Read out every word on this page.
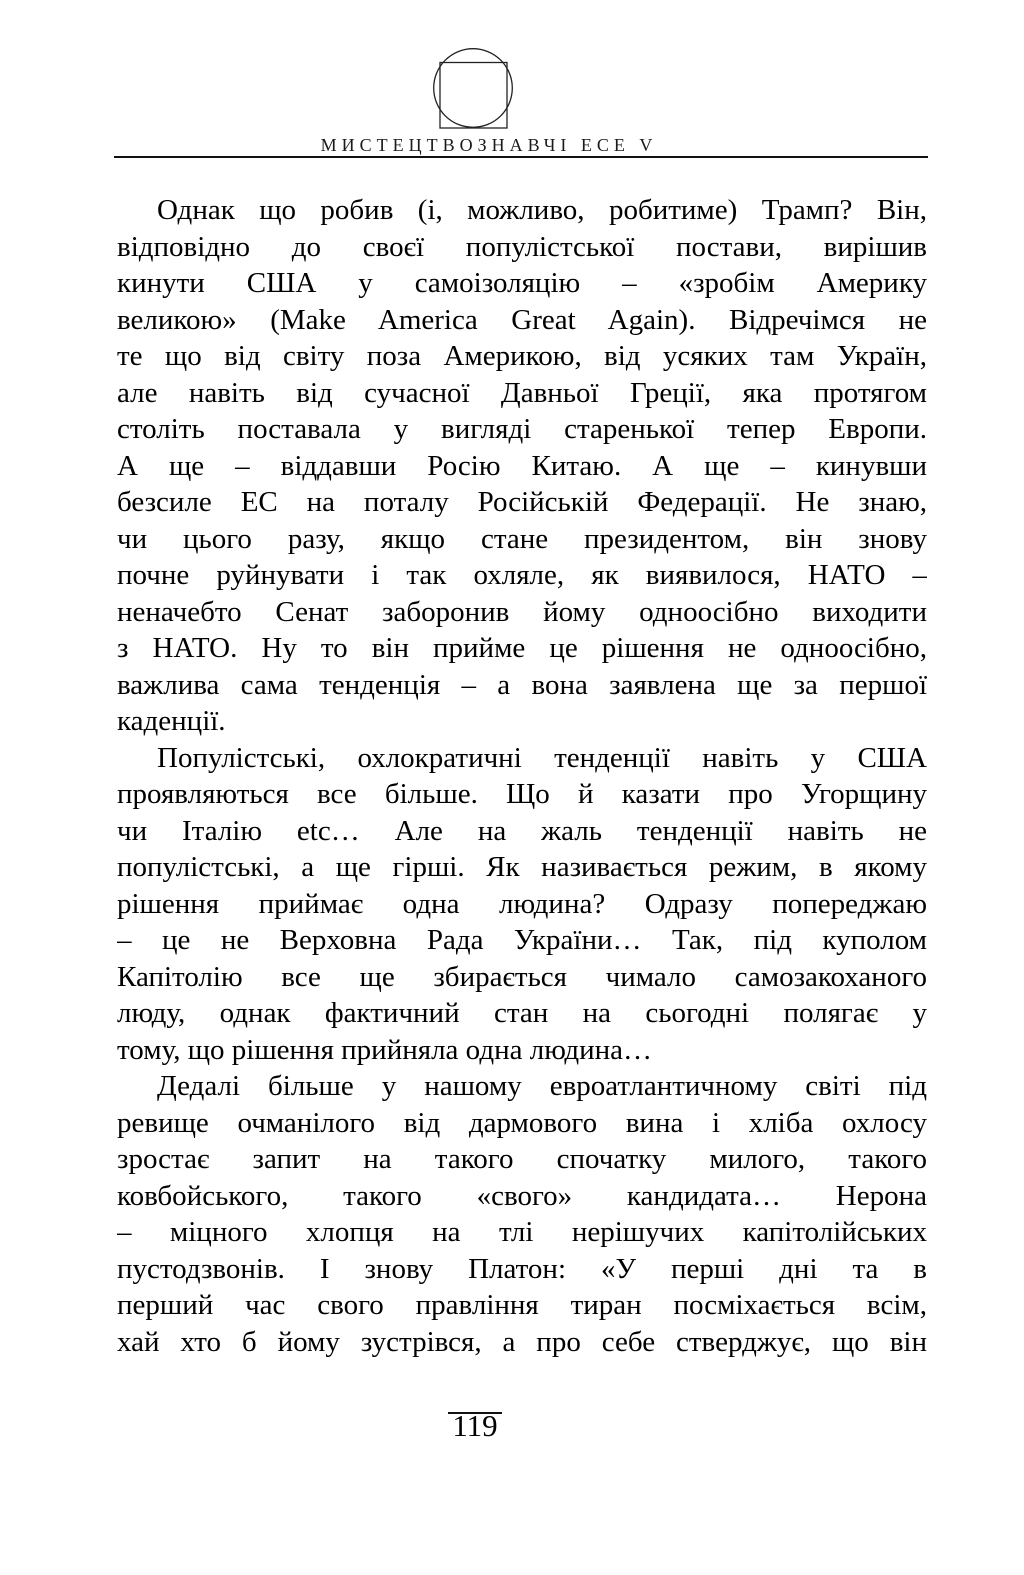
МИСТЕЦТВОЗНАВЧІ ЕСЕ V
Однак що робив (і, можливо, робитиме) Трамп? Він,
відповідно до своєї популістської постави, вирішив
кинути США у самоізоляцію – «зробім Америку
великою» (Make America Great Again). Відречімся не
те що від світу поза Америкою, від усяких там Україн,
але навіть від сучасної Давньої Греції, яка протягом
століть поставала у вигляді старенької тепер Европи.
А ще – віддавши Росію Китаю. А ще – кинувши
безсиле ЕС на поталу Російській Федерації. Не знаю,
чи цього разу, якщо стане президентом, він знову
почне руйнувати і так охляле, як виявилося, НАТО –
неначебто Сенат заборонив йому одноосібно виходити
з НАТО. Ну то він прийме це рішення не одноосібно,
важлива сама тенденція – а вона заявлена ще за першої
каденції.
Популістські, охлократичні тенденції навіть у США
проявляються все більше. Що й казати про Угорщину
чи Італію etc… Але на жаль тенденції навіть не
популістські, а ще гірші. Як називається режим, в якому
рішення приймає одна людина? Одразу попереджаю
– це не Верховна Рада України… Так, під куполом
Капітолію все ще збирається чимало самозакоханого
люду, однак фактичний стан на сьогодні полягає у
тому, що рішення прийняла одна людина…
Дедалі більше у нашому евроатлантичному світі під
ревище очманілого від дармового вина і хліба охлосу
зростає запит на такого спочатку милого, такого
ковбойського, такого «свого» кандидата… Нерона
– міцного хлопця на тлі нерішучих капітолійських
пустодзвонів. І знову Платон: «У перші дні та в
перший час свого правління тиран посміхається всім,
хай хто б йому зустрівся, а про себе стверджує, що він
119
